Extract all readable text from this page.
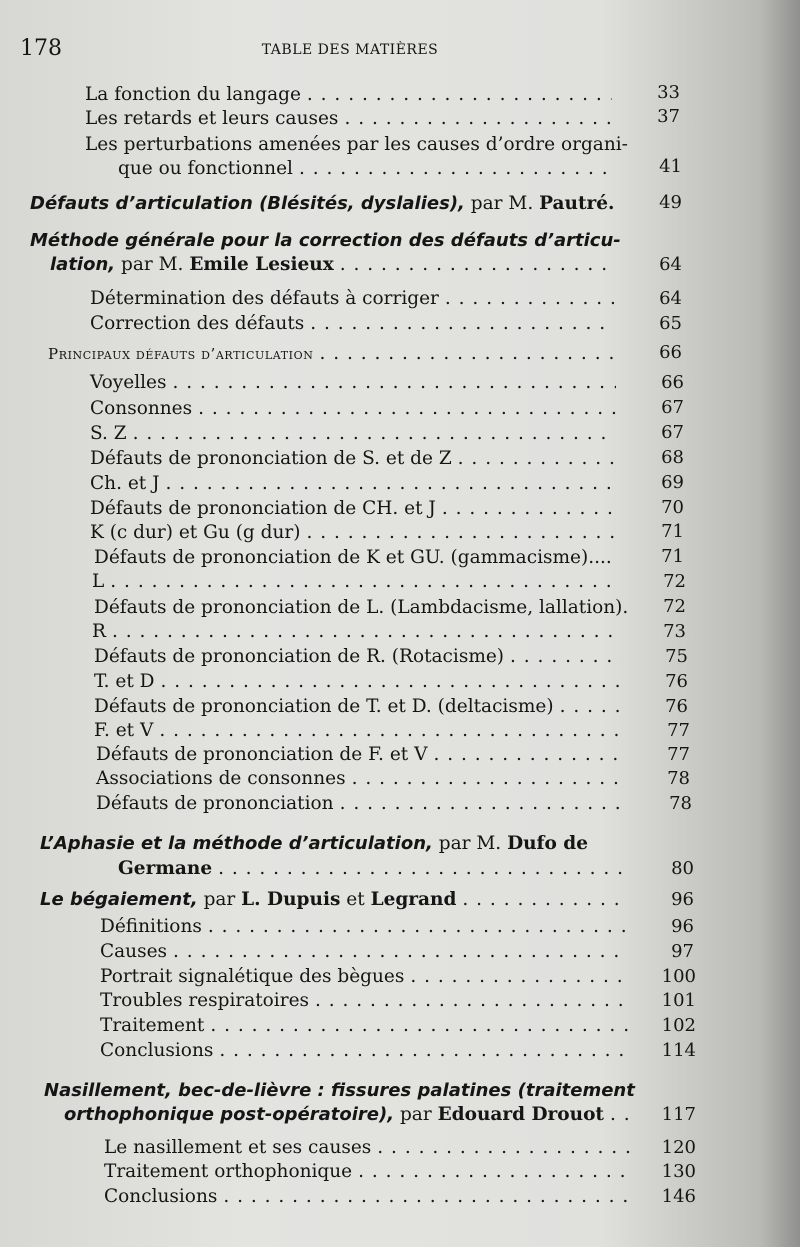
178	TABLE DES MATIÈRES
La fonction du langage . . .	33
Les retards et leurs causes . . .	37
Les perturbations amenées par les causes d’ordre organi-
que ou fonctionnel . . .	41
Défauts d’articulation (Blésités, dyslalies),
par M.
Pautré.	49
Méthode générale pour la correction des défauts d’articu-
lation,
par M.
Emile Lesieux . . .	64
Détermination des défauts à corriger . . .	64
Correction des défauts . . .	65
Principaux défauts d’articulation . . .	66
Voyelles . . .	66
Consonnes . . .	67
S. Z . . .	67
Défauts de prononciation de S. et de Z . . .	68
Ch. et J . . .	69
Défauts de prononciation de CH. et J . . .	70
K (c dur) et Gu (g dur) . . .	71
Défauts de prononciation de K et GU. (gammacisme)....	71
L . . .	72
Défauts de prononciation de L. (Lambdacisme, lallation).	72
R . . .	73
Défauts de prononciation de R. (Rotacisme) . . .	75
T. et D . . .	76
Défauts de prononciation de T. et D. (deltacisme) . . .	76
F. et V . . .	77
Défauts de prononciation de F. et V . . .	77
Associations de consonnes . . .	78
Défauts de prononciation . . .	78
L’Aphasie et la méthode d’articulation, par M. Dufo de
Germane . . .	80
Le bégaiement,
par
L. Dupuis
et
Legrand . . .	96
Définitions . . .	96
Causes . . .	97
Portrait signalétique des bègues . . .	100
Troubles respiratoires . . .	101
Traitement . . .	102
Conclusions . . .	114
Nasillement, bec-de-lièvre : fissures palatines (traitement
orthophonique post-opératoire),
par
Edouard Drouot . . .	117
Le nasillement et ses causes . . .	120
Traitement orthophonique . . .	130
Conclusions . . .	146
